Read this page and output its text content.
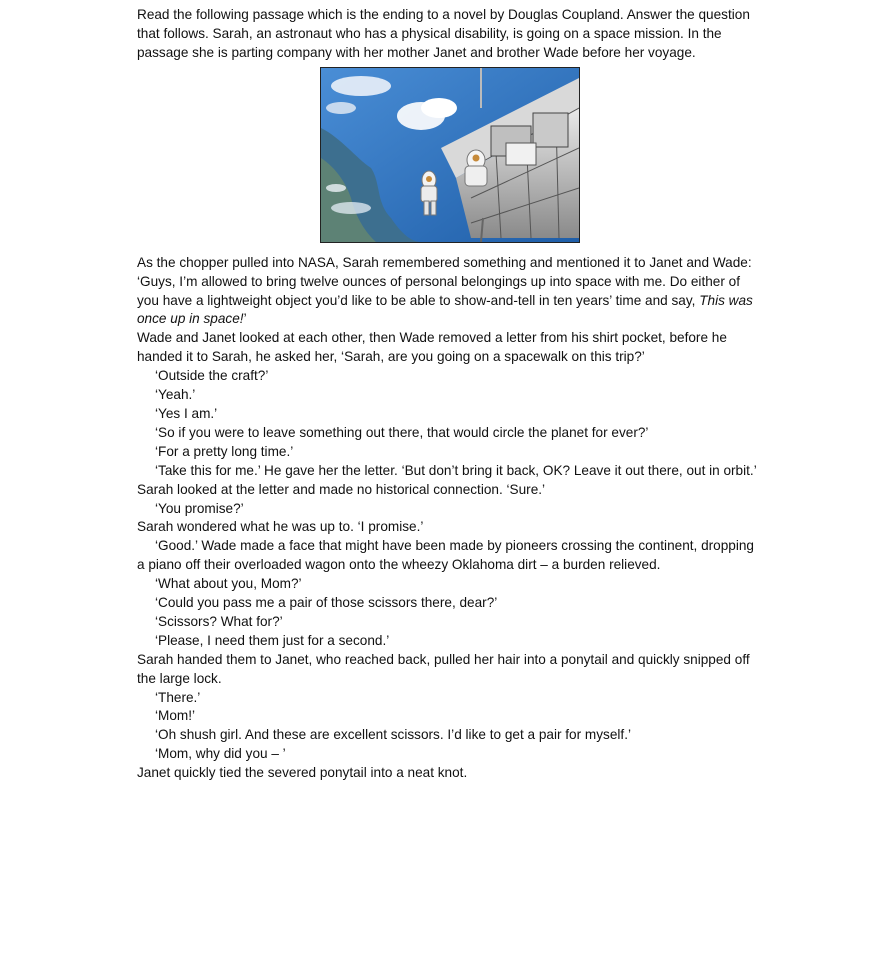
Read the following passage which is the ending to a novel by Douglas Coupland. Answer the question that follows. Sarah, an astronaut who has a physical disability, is going on a space mission. In the passage she is parting company with her mother Janet and brother Wade before her voyage.

As the chopper pulled into NASA, Sarah remembered something and mentioned it to Janet and Wade: ‘Guys, I’m allowed to bring twelve ounces of personal belongings up into space with me. Do either of you have a lightweight object you’d like to be able to show-and-tell in ten years’ time and say, This was once up in space!’

Wade and Janet looked at each other, then Wade removed a letter from his shirt pocket, before he handed it to Sarah, he asked her, ‘Sarah, are you going on a spacewalk on this trip?’

‘Outside the craft?’

‘Yeah.’

‘Yes I am.’

‘So if you were to leave something out there, that would circle the planet for ever?’

‘For a pretty long time.’

‘Take this for me.’ He gave her the letter. ‘But don’t bring it back, OK? Leave it out there, out in orbit.’

Sarah looked at the letter and made no historical connection. ‘Sure.’

‘You promise?’

Sarah wondered what he was up to. ‘I promise.’

‘Good.’ Wade made a face that might have been made by pioneers crossing the continent, dropping a piano off their overloaded wagon onto the wheezy Oklahoma dirt – a burden relieved.

‘What about you, Mom?’

‘Could you pass me a pair of those scissors there, dear?’

‘Scissors? What for?’

‘Please, I need them just for a second.’

Sarah handed them to Janet, who reached back, pulled her hair into a ponytail and quickly snipped off the large lock.

‘There.’

‘Mom!’

‘Oh shush girl. And these are excellent scissors. I’d like to get a pair for myself.’

‘Mom, why did you – ’

Janet quickly tied the severed ponytail into a neat knot.
